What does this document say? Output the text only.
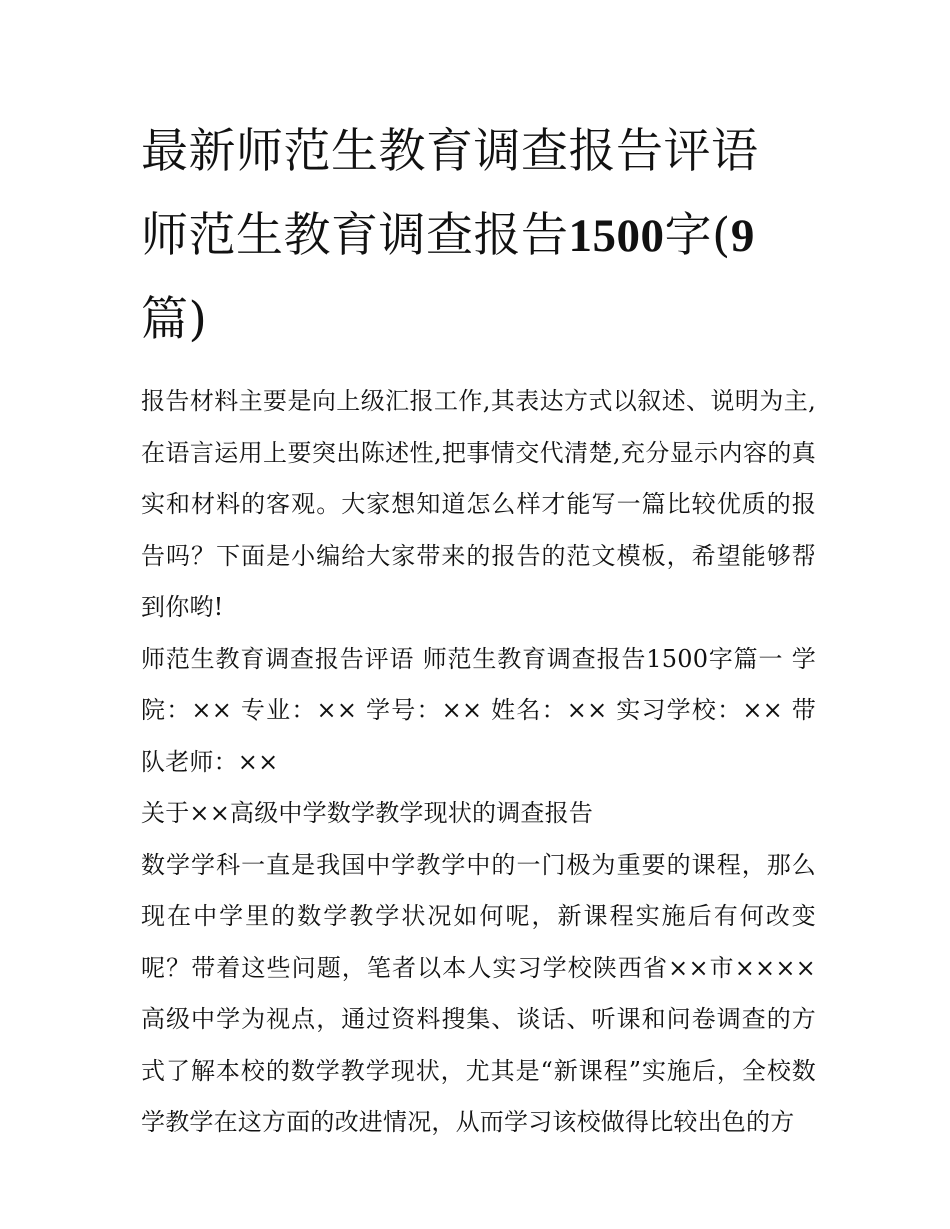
最新师范生教育调查报告评语 师范生教育调查报告1500字(9篇)

报告材料主要是向上级汇报工作,其表达方式以叙述、说明为主,在语言运用上要突出陈述性,把事情交代清楚,充分显示内容的真实和材料的客观。大家想知道怎么样才能写一篇比较优质的报告吗？下面是小编给大家带来的报告的范文模板，希望能够帮到你哟!

师范生教育调查报告评语 师范生教育调查报告1500字篇一 学院：×× 专业：×× 学号：×× 姓名：×× 实习学校：×× 带队老师：××

关于××高级中学数学教学现状的调查报告

数学学科一直是我国中学教学中的一门极为重要的课程，那么现在中学里的数学教学状况如何呢，新课程实施后有何改变呢？带着这些问题，笔者以本人实习学校陕西省××市××××高级中学为视点，通过资料搜集、谈话、听课和问卷调查的方式了解本校的数学教学现状，尤其是“新课程”实施后，全校数学教学在这方面的改进情况，从而学习该校做得比较出色的方
